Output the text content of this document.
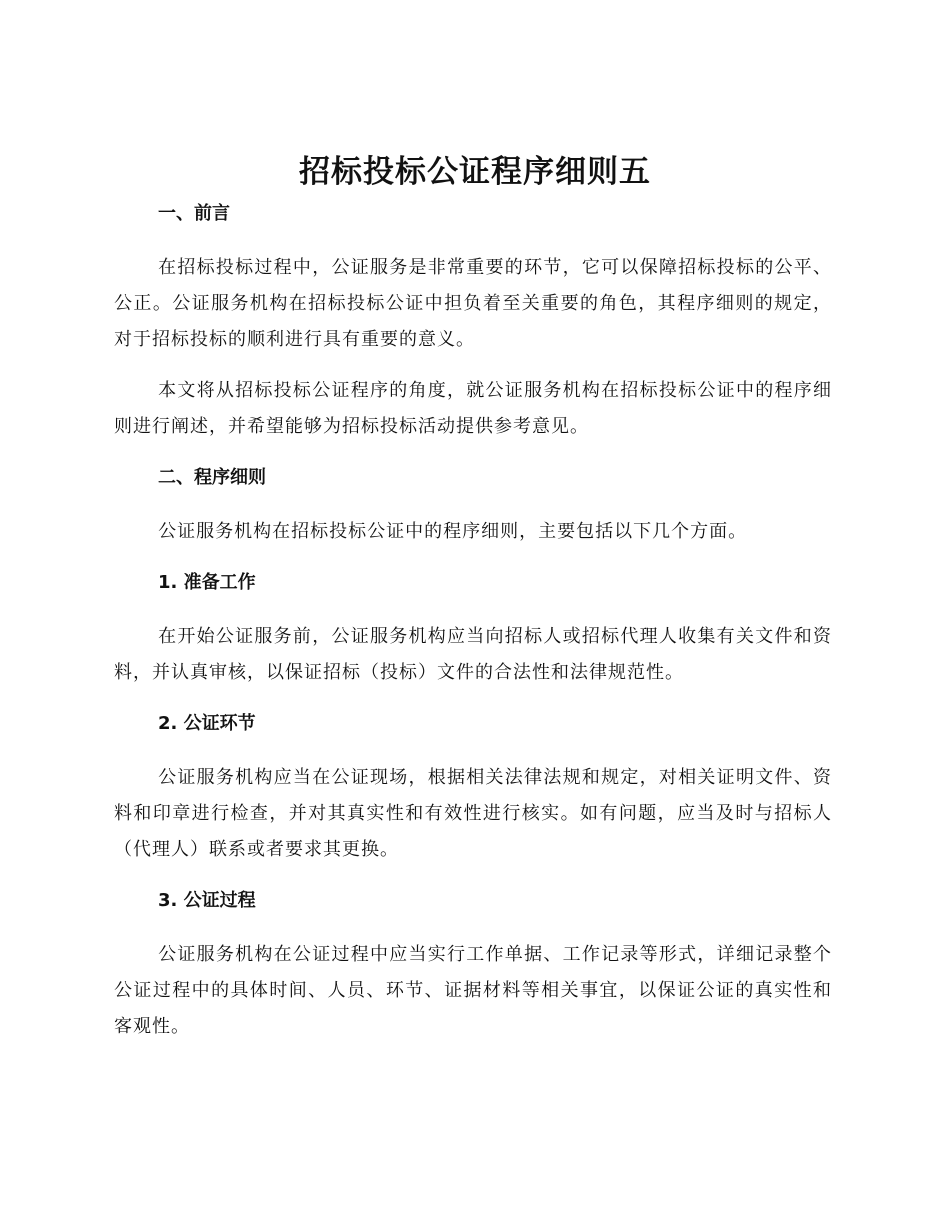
招标投标公证程序细则五
一、前言

在招标投标过程中，公证服务是非常重要的环节，它可以保障招标投标的公平、公正。公证服务机构在招标投标公证中担负着至关重要的角色，其程序细则的规定，对于招标投标的顺利进行具有重要的意义。

本文将从招标投标公证程序的角度，就公证服务机构在招标投标公证中的程序细则进行阐述，并希望能够为招标投标活动提供参考意见。

二、程序细则

公证服务机构在招标投标公证中的程序细则，主要包括以下几个方面。

1. 准备工作

在开始公证服务前，公证服务机构应当向招标人或招标代理人收集有关文件和资料，并认真审核，以保证招标（投标）文件的合法性和法律规范性。

2. 公证环节

公证服务机构应当在公证现场，根据相关法律法规和规定，对相关证明文件、资料和印章进行检查，并对其真实性和有效性进行核实。如有问题，应当及时与招标人（代理人）联系或者要求其更换。

3. 公证过程

公证服务机构在公证过程中应当实行工作单据、工作记录等形式，详细记录整个公证过程中的具体时间、人员、环节、证据材料等相关事宜，以保证公证的真实性和客观性。
